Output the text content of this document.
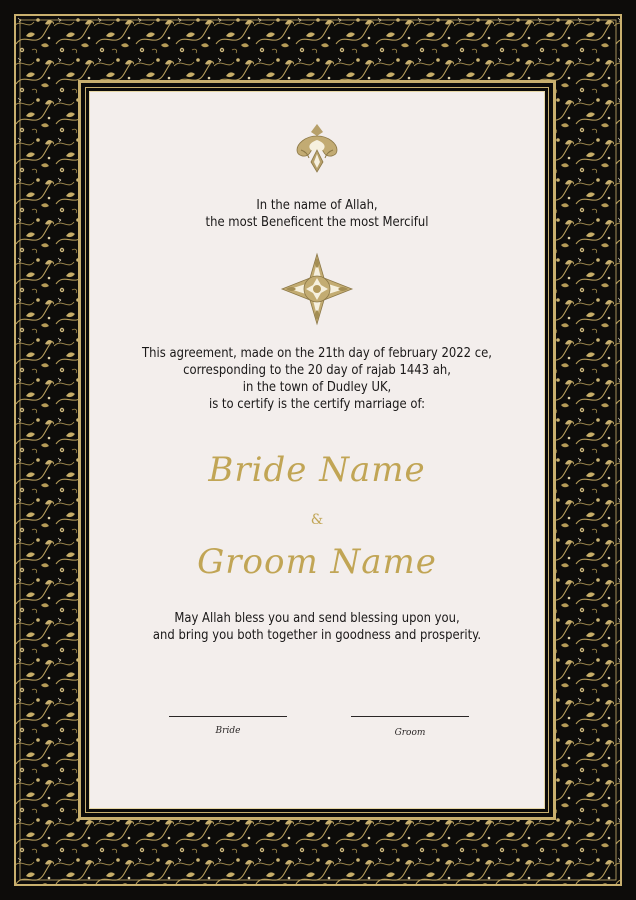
In the name of Allah,
the most Beneficent the most Merciful
This agreement, made on the 21th day of february 2022 ce,
corresponding to the 20 day of rajab 1443 ah,
in the town of Dudley UK,
is to certify is the certify marriage of:
Bride Name
&
Groom Name
May Allah bless you and send blessing upon you,
and bring you both together in goodness and prosperity.
Bride	Groom
